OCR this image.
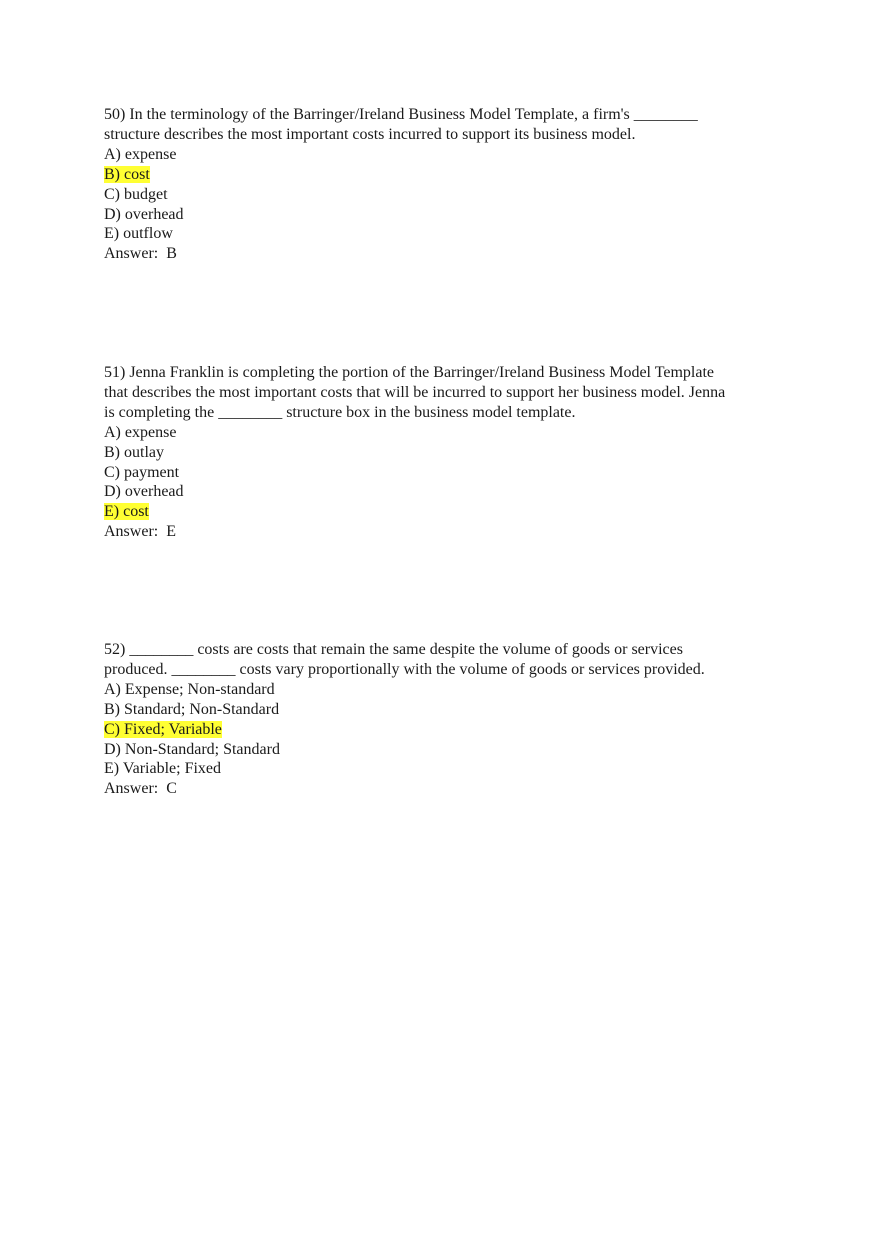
50) In the terminology of the Barringer/Ireland Business Model Template, a firm's ________
structure describes the most important costs incurred to support its business model.
A) expense
B) cost
C) budget
D) overhead
E) outflow
Answer:  B
51) Jenna Franklin is completing the portion of the Barringer/Ireland Business Model Template
that describes the most important costs that will be incurred to support her business model. Jenna
is completing the ________ structure box in the business model template.
A) expense
B) outlay
C) payment
D) overhead
E) cost
Answer:  E
52) ________ costs are costs that remain the same despite the volume of goods or services
produced. ________ costs vary proportionally with the volume of goods or services provided.
A) Expense; Non-standard
B) Standard; Non-Standard
C) Fixed; Variable
D) Non-Standard; Standard
E) Variable; Fixed
Answer:  C
